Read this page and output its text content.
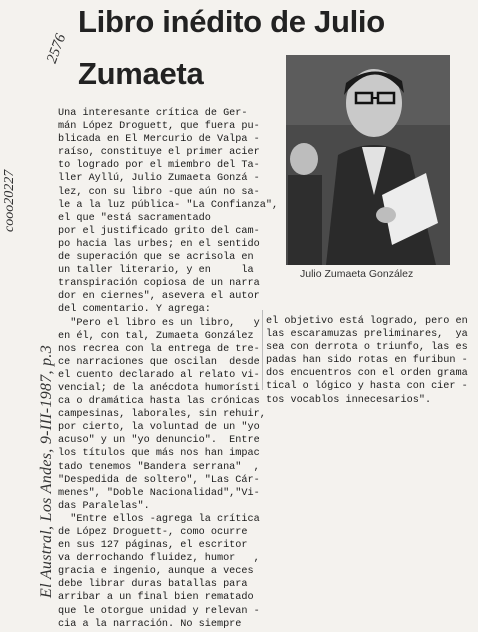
Libro inédito de Julio
Zumaeta
cooo20227
2576
El Austral, Los Andes, 9-III-1987, p.3
Julio Zumaeta González

Una interesante crítica de Ger-

mán López Droguett, que fuera pu-

blicada en El Mercurio de Valpa -

raíso, constituye el primer acier

to logrado por el miembro del Ta-

ller Ayllú, Julio Zumaeta Gonzá -

lez, con su libro -que aún no sa-

le a la luz pública- "La Confianza",

el que "está sacramentado

por el justificado grito del cam-

po hacia las urbes; en el sentido

de superación que se acrisola en

un taller literario, y en     la

transpiración copiosa de un narra

dor en ciernes", asevera el autor

del comentario. Y agrega:

"Pero el libro es un libro,   y

en él, con tal, Zumaeta González

nos recrea con la entrega de tre-

ce narraciones que oscilan  desde

el cuento declarado al relato vi-

vencial; de la anécdota humorísti

ca o dramática hasta las crónicas

campesinas, laborales, sin rehuir,

por cierto, la voluntad de un "yo

acuso" y un "yo denuncio".  Entre

los títulos que más nos han impac

tado tenemos "Bandera serrana"  ,

"Despedida de soltero", "Las Cár-

menes", "Doble Nacionalidad","Vi-

das Paralelas".

"Entre ellos -agrega la crítica

de López Droguett-, como ocurre

en sus 127 páginas, el escritor

va derrochando fluidez, humor   ,

gracia e ingenio, aunque a veces

debe librar duras batallas para

arribar a un final bien rematado

que le otorgue unidad y relevan -

cia a la narración. No siempre

el objetivo está logrado, pero en

las escaramuzas preliminares,  ya

sea con derrota o triunfo, las es

padas han sido rotas en furibun -

dos encuentros con el orden grama

tical o lógico y hasta con cier -

tos vocablos innecesarios".
